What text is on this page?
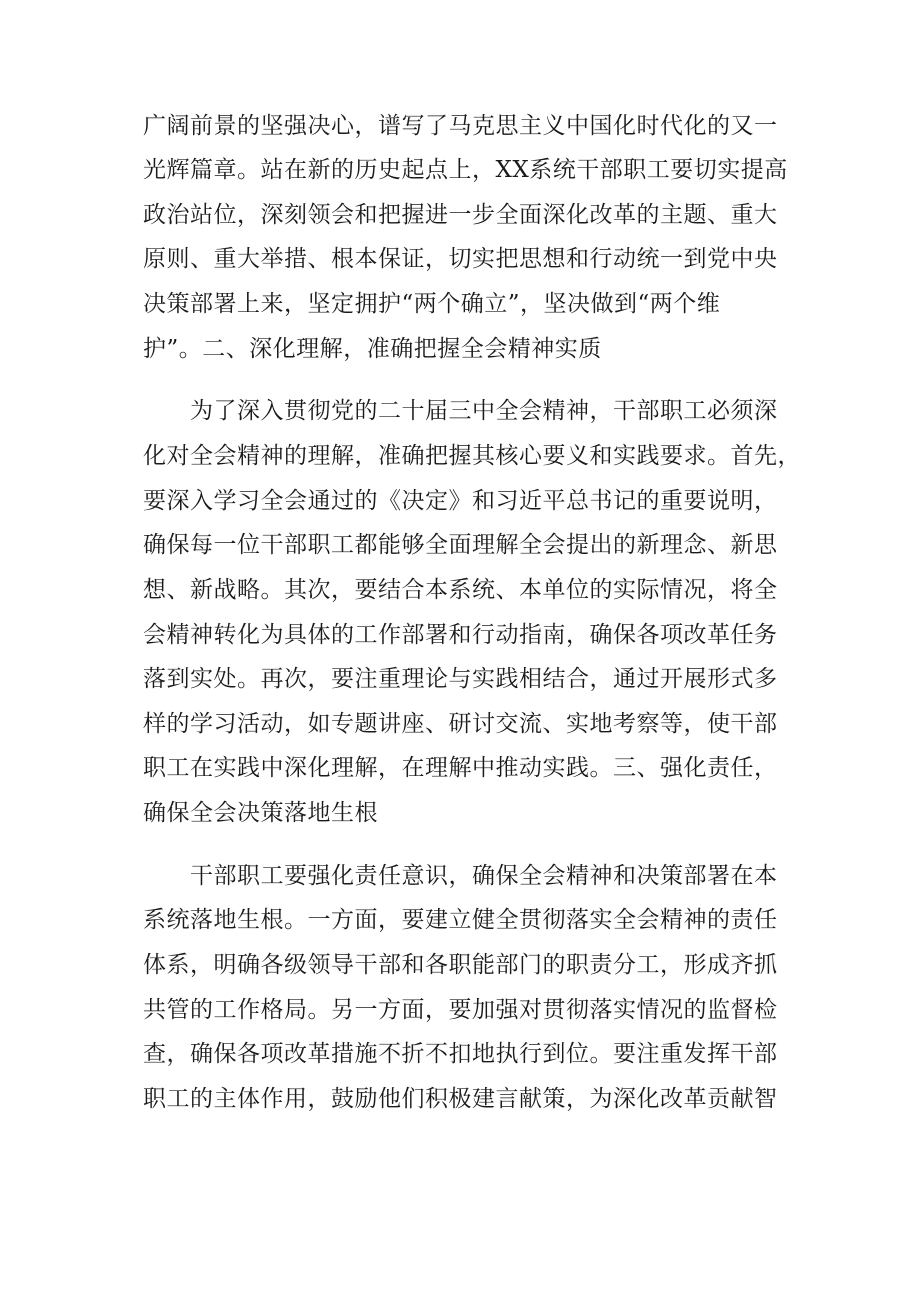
广阔前景的坚强决心，谱写了马克思主义中国化时代化的又一
光辉篇章。站在新的历史起点上，XX系统干部职工要切实提高
政治站位，深刻领会和把握进一步全面深化改革的主题、重大
原则、重大举措、根本保证，切实把思想和行动统一到党中央
决策部署上来，坚定拥护“两个确立”，坚决做到“两个维
护”。二、深化理解，准确把握全会精神实质
为了深入贯彻党的二十届三中全会精神，干部职工必须深
化对全会精神的理解，准确把握其核心要义和实践要求。首先，
要深入学习全会通过的《决定》和习近平总书记的重要说明，
确保每一位干部职工都能够全面理解全会提出的新理念、新思
想、新战略。其次，要结合本系统、本单位的实际情况，将全
会精神转化为具体的工作部署和行动指南，确保各项改革任务
落到实处。再次，要注重理论与实践相结合，通过开展形式多
样的学习活动，如专题讲座、研讨交流、实地考察等，使干部
职工在实践中深化理解，在理解中推动实践。三、强化责任，
确保全会决策落地生根
干部职工要强化责任意识，确保全会精神和决策部署在本
系统落地生根。一方面，要建立健全贯彻落实全会精神的责任
体系，明确各级领导干部和各职能部门的职责分工，形成齐抓
共管的工作格局。另一方面，要加强对贯彻落实情况的监督检
查，确保各项改革措施不折不扣地执行到位。要注重发挥干部
职工的主体作用，鼓励他们积极建言献策，为深化改革贡献智
